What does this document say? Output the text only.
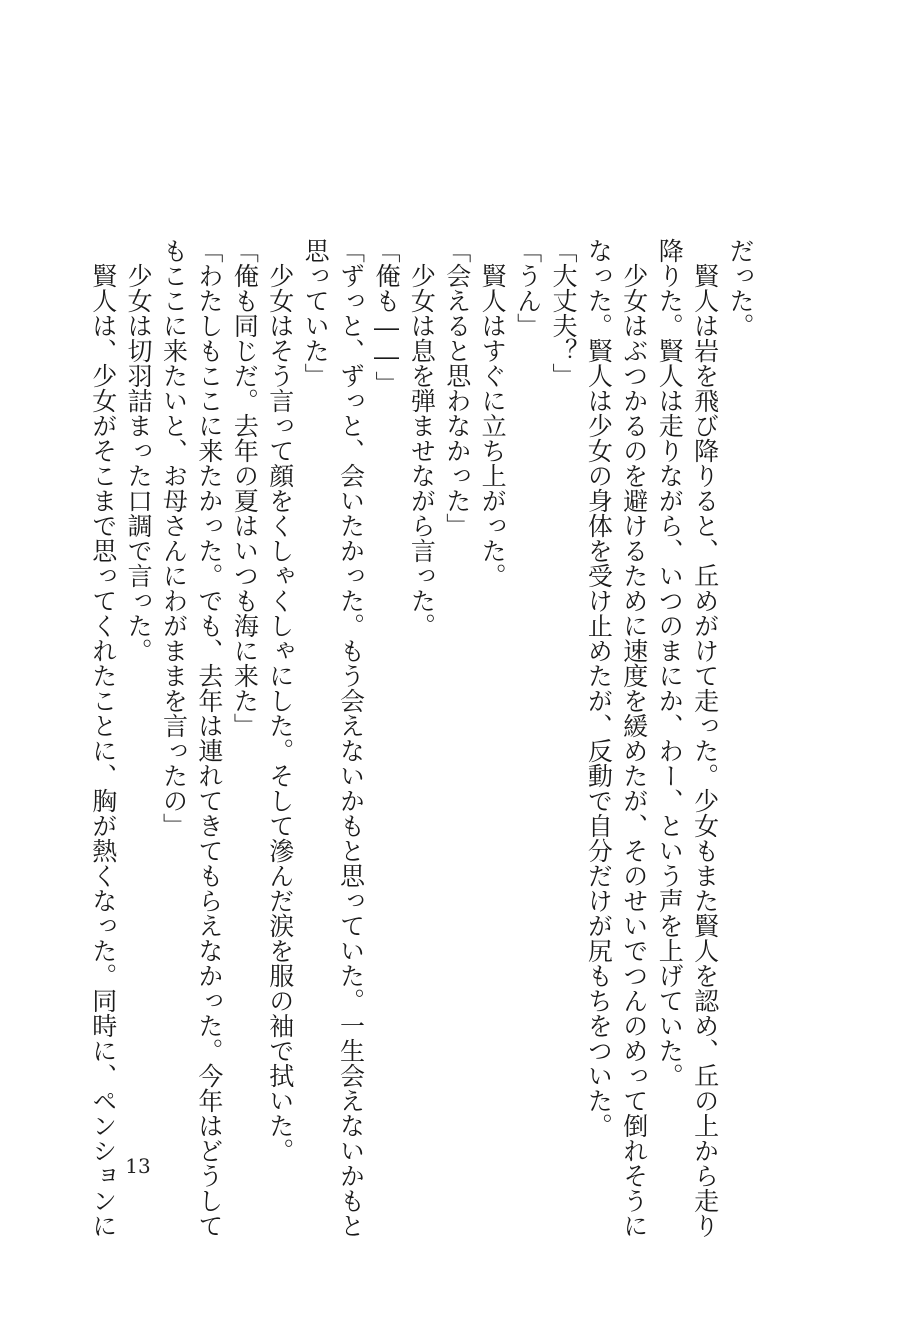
だった。

　賢人は岩を飛び降りると、丘めがけて走った。少女もまた賢人を認め、丘の上から走り

降りた。賢人は走りながら、いつのまにか、わー、という声を上げていた。

　少女はぶつかるのを避けるために速度を緩めたが、そのせいでつんのめって倒れそうに

なった。賢人は少女の身体を受け止めたが、反動で自分だけが尻もちをついた。

「大丈夫？」

「うん」

　賢人はすぐに立ち上がった。

「会えると思わなかった」

　少女は息を弾ませながら言った。

「俺も――」

「ずっと、ずっと、会いたかった。もう会えないかもと思っていた。一生会えないかもと

思っていた」

　少女はそう言って顔をくしゃくしゃにした。そして滲んだ涙を服の袖で拭いた。

「俺も同じだ。去年の夏はいつも海に来た」

「わたしもここに来たかった。でも、去年は連れてきてもらえなかった。今年はどうして

もここに来たいと、お母さんにわがままを言ったの」

　少女は切羽詰まった口調で言った。

　賢人は、少女がそこまで思ってくれたことに、胸が熱くなった。同時に、ペンションに 13
